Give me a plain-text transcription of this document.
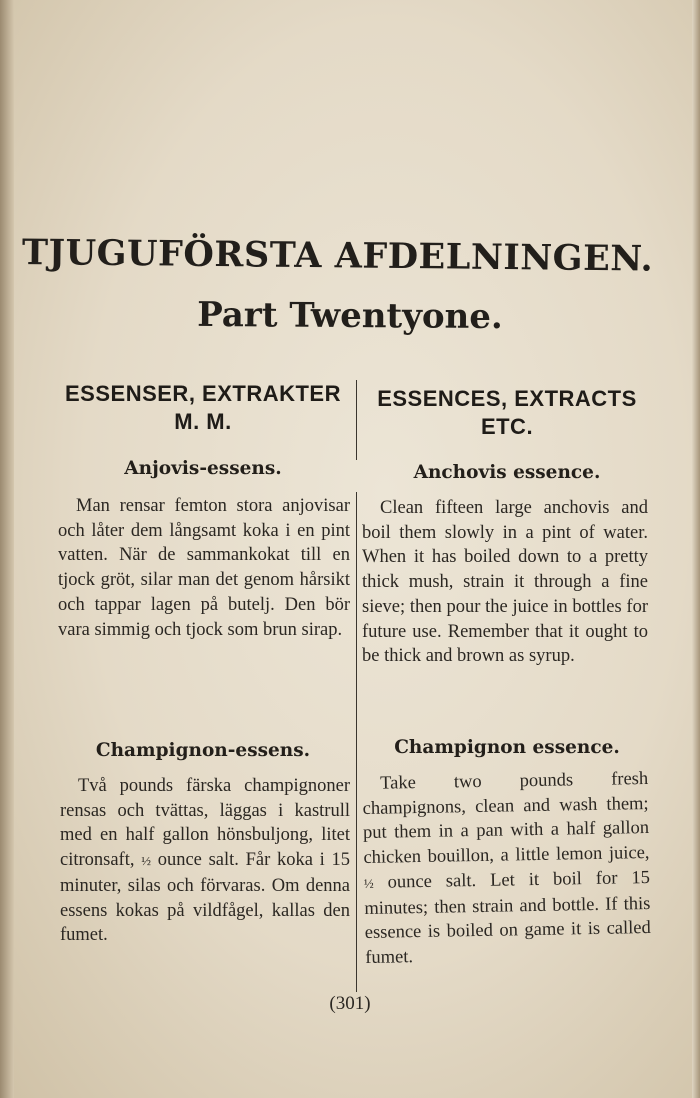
TJUGUFÖRSTA AFDELNINGEN.
Part Twentyone.
ESSENSER, EXTRAKTER
M. M.
ESSENCES, EXTRACTS
ETC.
Anjovis-essens.

Man rensar femton stora anjovisar och låter dem långsamt koka i en pint vatten. När de sammankokat till en tjock gröt, silar man det genom hårsikt och tappar lagen på butelj. Den bör vara simmig och tjock som brun sirap.

Anchovis essence.

Clean fifteen large anchovis and boil them slowly in a pint of water. When it has boiled down to a pretty thick mush, strain it through a fine sieve; then pour the juice in bottles for future use. Remember that it ought to be thick and brown as syrup.

Champignon-essens.

Två pounds färska champignoner rensas och tvättas, läggas i kastrull med en half gallon hönsbuljong, litet citronsaft, ½ ounce salt. Får koka i 15 minuter, silas och förvaras. Om denna essens kokas på vildfågel, kallas den fumet.

Champignon essence.

Take two pounds fresh champignons, clean and wash them; put them in a pan with a half gallon chicken bouillon, a little lemon juice, ½ ounce salt. Let it boil for 15 minutes; then strain and bottle. If this essence is boiled on game it is called fumet.

(301)
